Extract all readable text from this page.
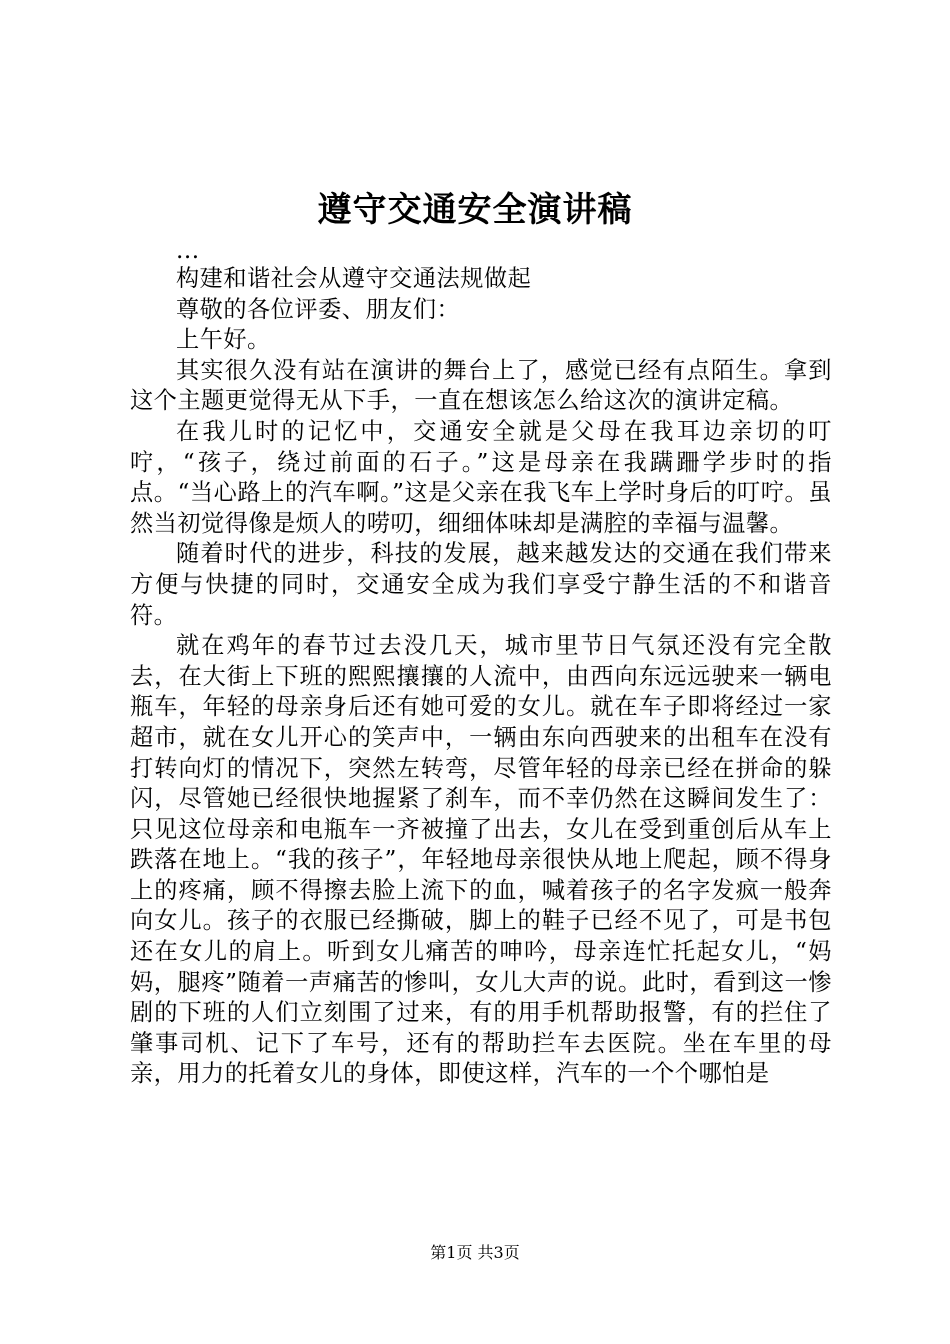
遵守交通安全演讲稿

...

构建和谐社会从遵守交通法规做起

尊敬的各位评委、朋友们：

上午好。

其实很久没有站在演讲的舞台上了，感觉已经有点陌生。拿到这个主题更觉得无从下手，一直在想该怎么给这次的演讲定稿。

在我儿时的记忆中，交通安全就是父母在我耳边亲切的叮咛，“孩子，绕过前面的石子。”这是母亲在我蹒跚学步时的指点。“当心路上的汽车啊。”这是父亲在我飞车上学时身后的叮咛。虽然当初觉得像是烦人的唠叨，细细体味却是满腔的幸福与温馨。

随着时代的进步，科技的发展，越来越发达的交通在我们带来方便与快捷的同时，交通安全成为我们享受宁静生活的不和谐音符。

就在鸡年的春节过去没几天，城市里节日气氛还没有完全散去，在大街上下班的熙熙攘攘的人流中，由西向东远远驶来一辆电瓶车，年轻的母亲身后还有她可爱的女儿。就在车子即将经过一家超市，就在女儿开心的笑声中，一辆由东向西驶来的出租车在没有打转向灯的情况下，突然左转弯，尽管年轻的母亲已经在拼命的躲闪，尽管她已经很快地握紧了刹车，而不幸仍然在这瞬间发生了：只见这位母亲和电瓶车一齐被撞了出去，女儿在受到重创后从车上跌落在地上。“我的孩子”，年轻地母亲很快从地上爬起，顾不得身上的疼痛，顾不得擦去脸上流下的血，喊着孩子的名字发疯一般奔向女儿。孩子的衣服已经撕破，脚上的鞋子已经不见了，可是书包还在女儿的肩上。听到女儿痛苦的呻吟，母亲连忙托起女儿，“妈妈，腿疼”随着一声痛苦的惨叫，女儿大声的说。此时，看到这一惨剧的下班的人们立刻围了过来，有的用手机帮助报警，有的拦住了肇事司机、记下了车号，还有的帮助拦车去医院。坐在车里的母亲，用力的托着女儿的身体，即使这样，汽车的一个个哪怕是

第1页 共3页
